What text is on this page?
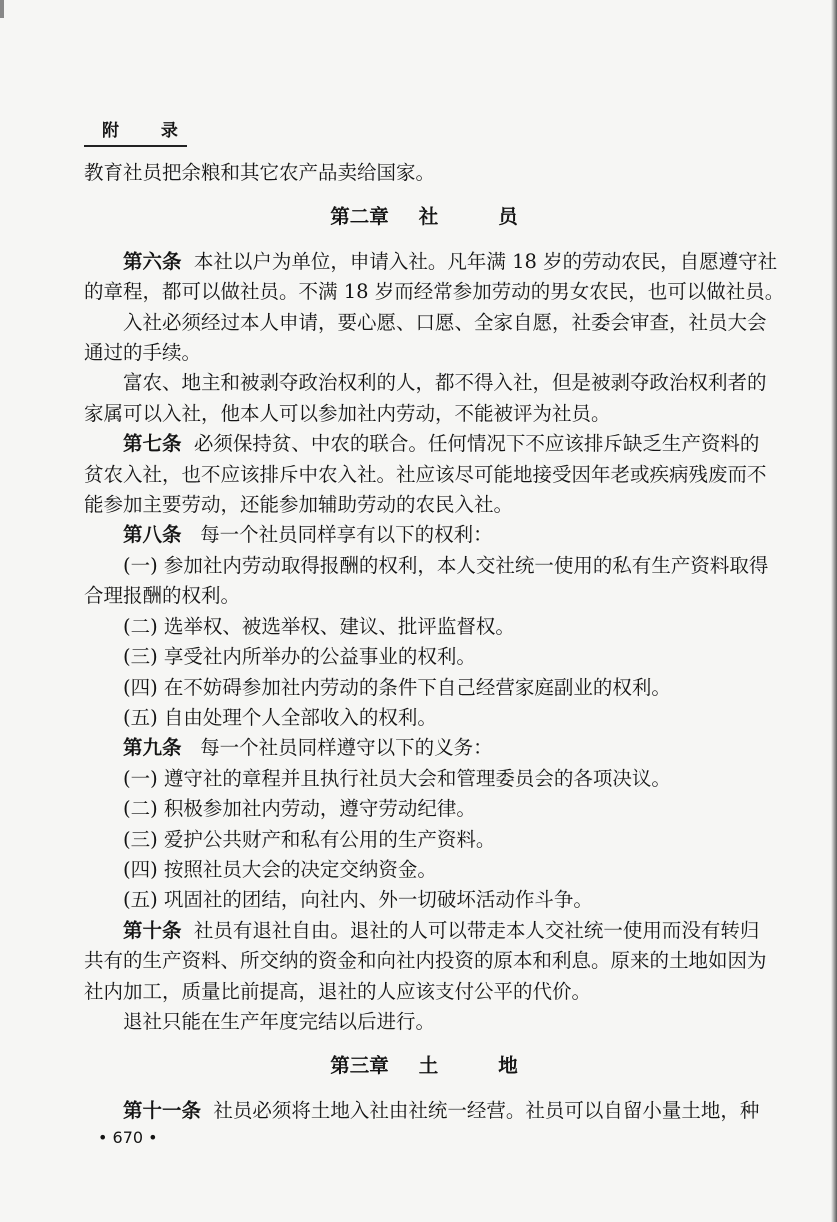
附 录
教育社员把余粮和其它农产品卖给国家。
第二章 社	员
第六条 本社以户为单位，申请入社。凡年满 18 岁的劳动农民，自愿遵守社
的章程，都可以做社员。不满 18 岁而经常参加劳动的男女农民，也可以做社员。
入社必须经过本人申请，要心愿、口愿、全家自愿，社委会审查，社员大会
通过的手续。
富农、地主和被剥夺政治权利的人，都不得入社，但是被剥夺政治权利者的
家属可以入社，他本人可以参加社内劳动，不能被评为社员。
第七条 必须保持贫、中农的联合。任何情况下不应该排斥缺乏生产资料的
贫农入社，也不应该排斥中农入社。社应该尽可能地接受因年老或疾病残废而不
能参加主要劳动，还能参加辅助劳动的农民入社。
第八条 每一个社员同样享有以下的权利：
(一) 参加社内劳动取得报酬的权利，本人交社统一使用的私有生产资料取得
合理报酬的权利。
(二) 选举权、被选举权、建议、批评监督权。
(三) 享受社内所举办的公益事业的权利。
(四) 在不妨碍参加社内劳动的条件下自己经营家庭副业的权利。
(五) 自由处理个人全部收入的权利。
第九条 每一个社员同样遵守以下的义务：
(一) 遵守社的章程并且执行社员大会和管理委员会的各项决议。
(二) 积极参加社内劳动，遵守劳动纪律。
(三) 爱护公共财产和私有公用的生产资料。
(四) 按照社员大会的决定交纳资金。
(五) 巩固社的团结，向社内、外一切破坏活动作斗争。
第十条 社员有退社自由。退社的人可以带走本人交社统一使用而没有转归
共有的生产资料、所交纳的资金和向社内投资的原本和利息。原来的土地如因为
社内加工，质量比前提高，退社的人应该支付公平的代价。
退社只能在生产年度完结以后进行。
第三章 土	地
第十一条 社员必须将土地入社由社统一经营。社员可以自留小量土地，种
• 670 •
